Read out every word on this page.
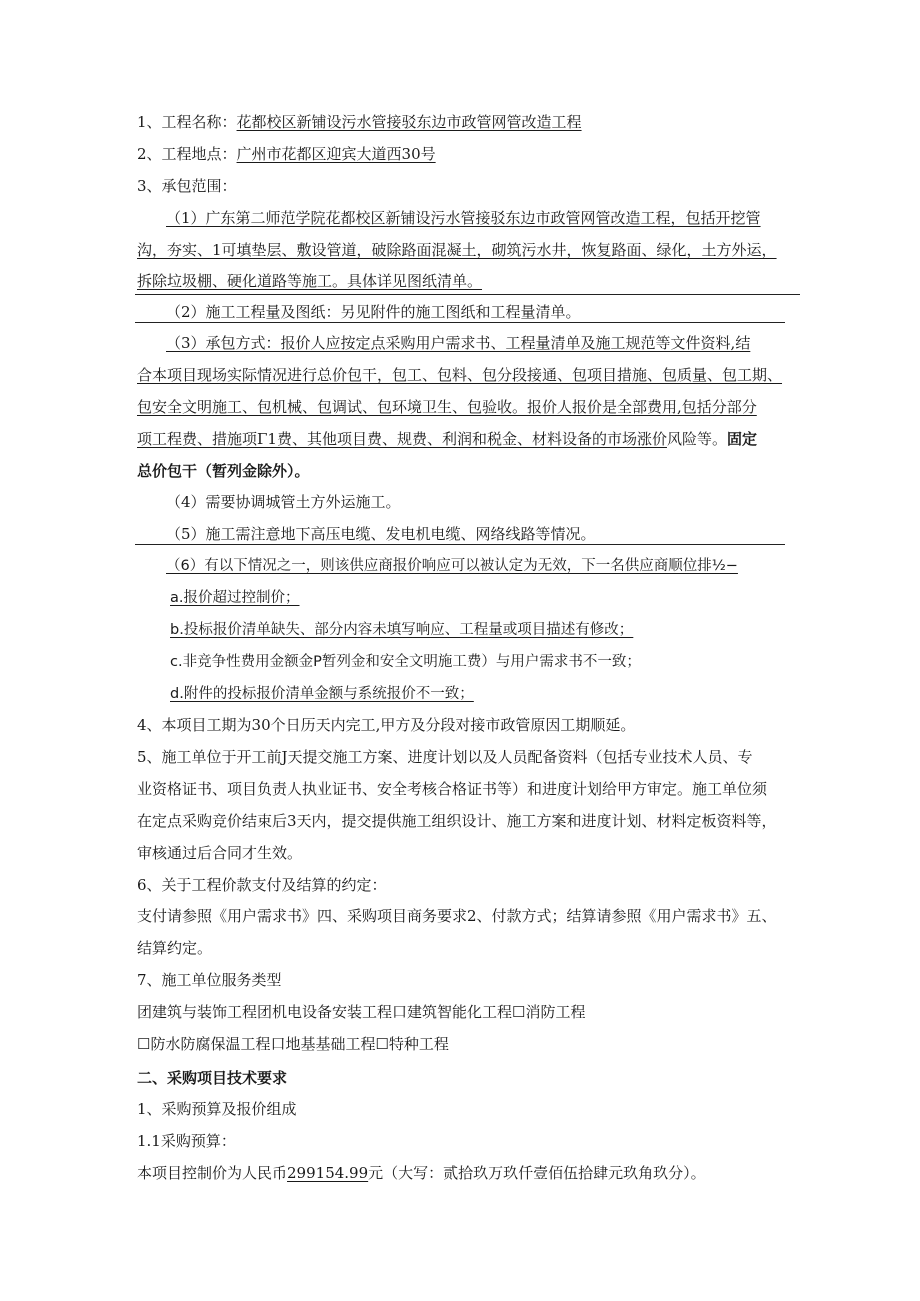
1、工程名称：花都校区新铺设污水管接驳东边市政管网管改造工程
2、工程地点：广州市花都区迎宾大道西30号
3、承包范围：
（1）广东第二师范学院花都校区新铺设污水管接驳东边市政管网管改造工程，包括开挖管
沟，夯实、1可填垫层、敷设管道，破除路面混凝土，砌筑污水井，恢复路面、绿化，土方外运，
拆除垃圾棚、硬化道路等施工。具体详见图纸清单。
（2）施工工程量及图纸：另见附件的施工图纸和工程量清单。
（3）承包方式：报价人应按定点采购用户需求书、工程量清单及施工规范等文件资料,结
合本项目现场实际情况进行总价包干，包工、包料、包分段接通、包项目措施、包质量、包工期、
包安全文明施工、包机械、包调试、包环境卫生、包验收。报价人报价是全部费用,包括分部分
项工程费、措施项Γ1费、其他项目费、规费、利润和税金、材料设备的市场涨价风险等。固定
总价包干（暂列金除外）。
（4）需要协调城管土方外运施工。
（5）施工需注意地下高压电缆、发电机电缆、网络线路等情况。
（6）有以下情况之一，则该供应商报价响应可以被认定为无效，下一名供应商顺位排½−
a.报价超过控制价；
b.投标报价清单缺失、部分内容未填写响应、工程量或项目描述有修改；
c.非竞争性费用金额金P暂列金和安全文明施工费）与用户需求书不一致；
d.附件的投标报价清单金额与系统报价不一致；
4、本项目工期为30个日历天内完工,甲方及分段对接市政管原因工期顺延。
5、施工单位于开工前J天提交施工方案、进度计划以及人员配备资料（包括专业技术人员、专
业资格证书、项目负责人执业证书、安全考核合格证书等）和进度计划给甲方审定。施工单位须
在定点采购竞价结束后3天内，提交提供施工组织设计、施工方案和进度计划、材料定板资料等，
审核通过后合同才生效。
6、关于工程价款支付及结算的约定：
支付请参照《用户需求书》四、采购项目商务要求2、付款方式；结算请参照《用户需求书》五、
结算约定。
7、施工单位服务类型
团建筑与装饰工程团机电设备安装工程口建筑智能化工程☐消防工程
☐防水防腐保温工程口地基基础工程☐特种工程
二、采购项目技术要求
1、采购预算及报价组成
1.1采购预算：
本项目控制价为人民币299154.99元（大写：贰拾玖万玖仟壹佰伍拾肆元玖角玖分）。
